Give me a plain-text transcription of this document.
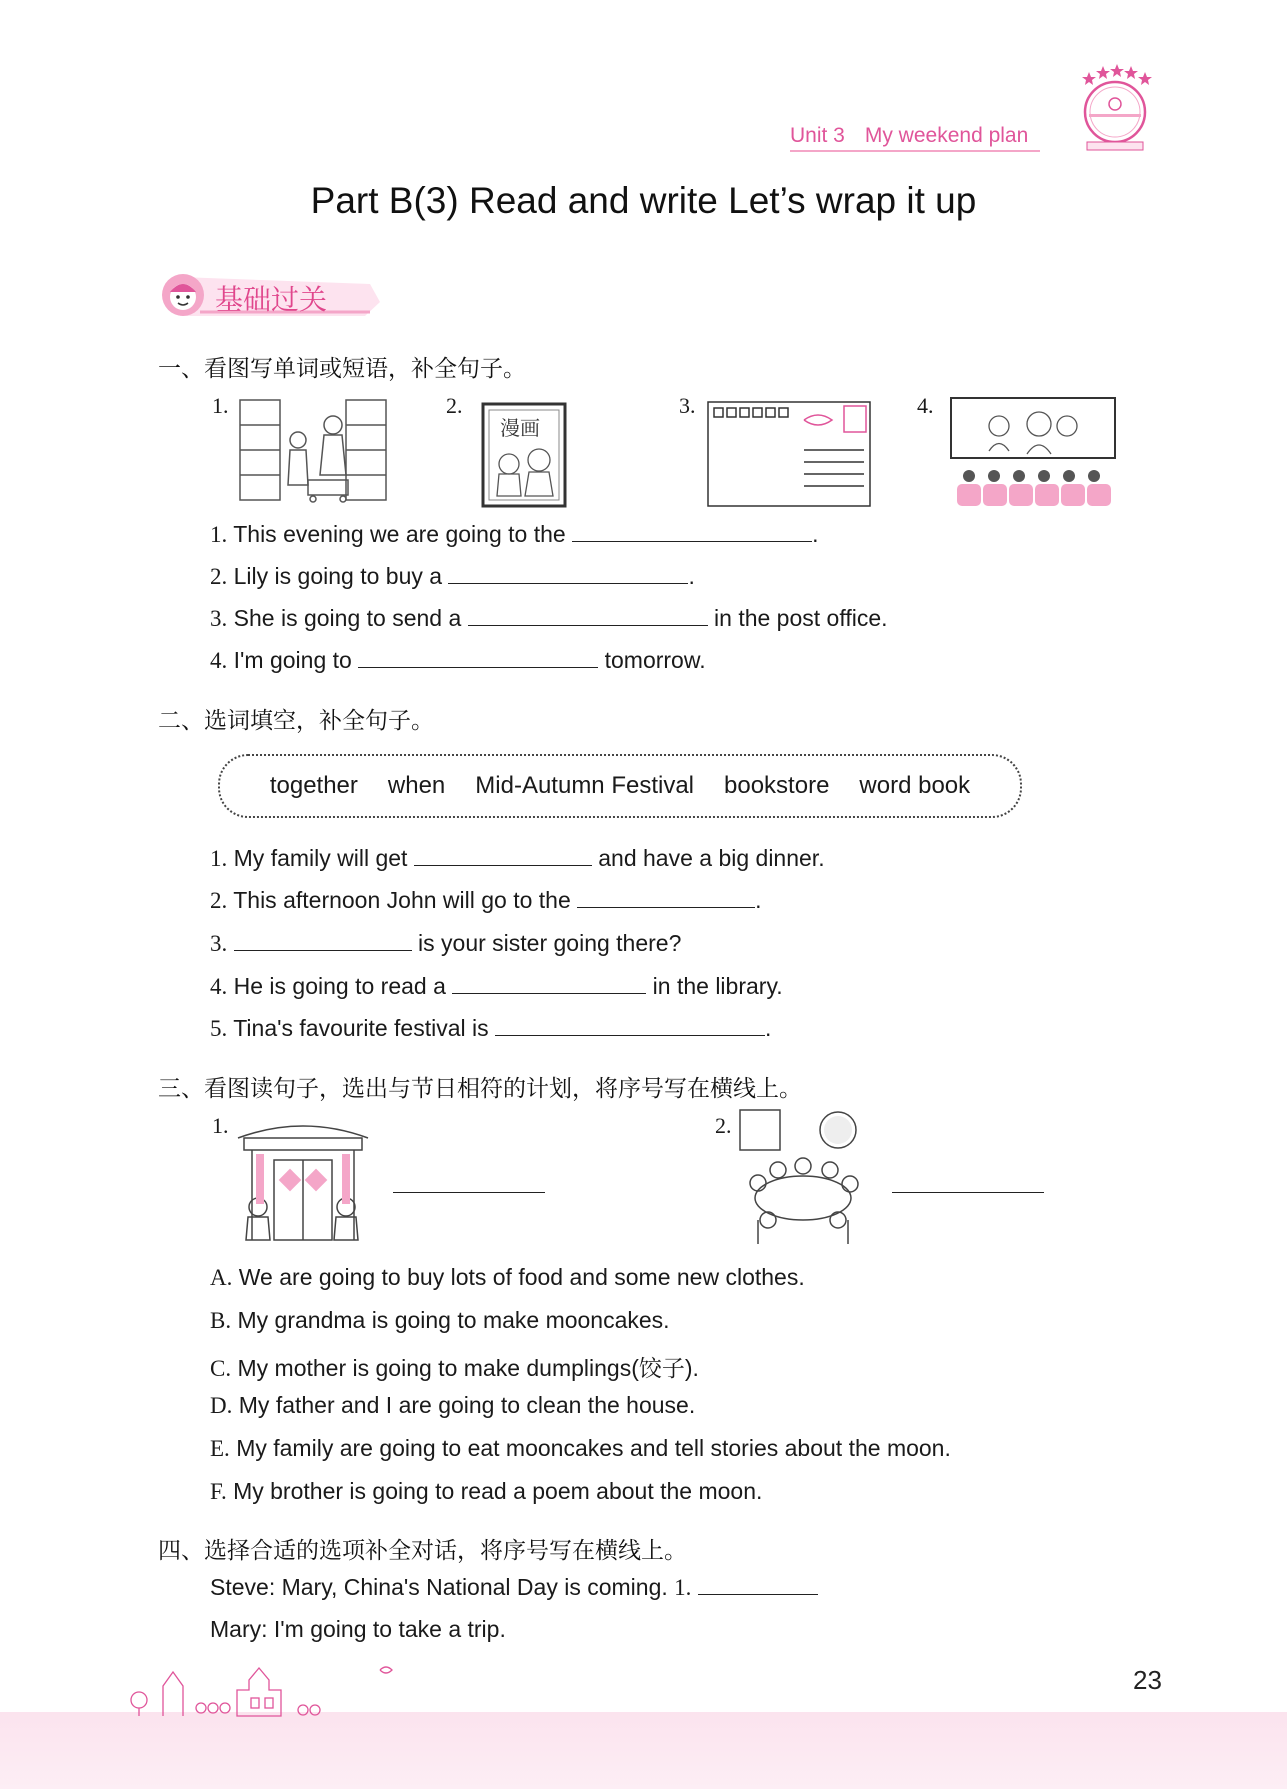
Unit 3 My weekend plan
Part B(3) Read and write Let’s wrap it up
基础过关
一、看图写单词或短语，补全句子。
1.	2.
漫画
3.	4.
1. This evening we are going to the	.
2. Lily is going to buy a	.
3. She is going to send a	in the post office.
4. I'm going to	tomorrow.
二、选词填空，补全句子。
together when Mid-Autumn Festival bookstore word book
1. My family will get	and have a big dinner.
2. This afternoon John will go to the	.
3.	is your sister going there?
4. He is going to read a	in the library.
5. Tina's favourite festival is	.
三、看图读句子，选出与节日相符的计划，将序号写在横线上。
1.	2.
A. We are going to buy lots of food and some new clothes.
B. My grandma is going to make mooncakes.
C. My mother is going to make dumplings(饺子).
D. My father and I are going to clean the house.
E. My family are going to eat mooncakes and tell stories about the moon.
F. My brother is going to read a poem about the moon.
四、选择合适的选项补全对话，将序号写在横线上。
Steve: Mary, China's National Day is coming. 1.
Mary: I'm going to take a trip.
23
